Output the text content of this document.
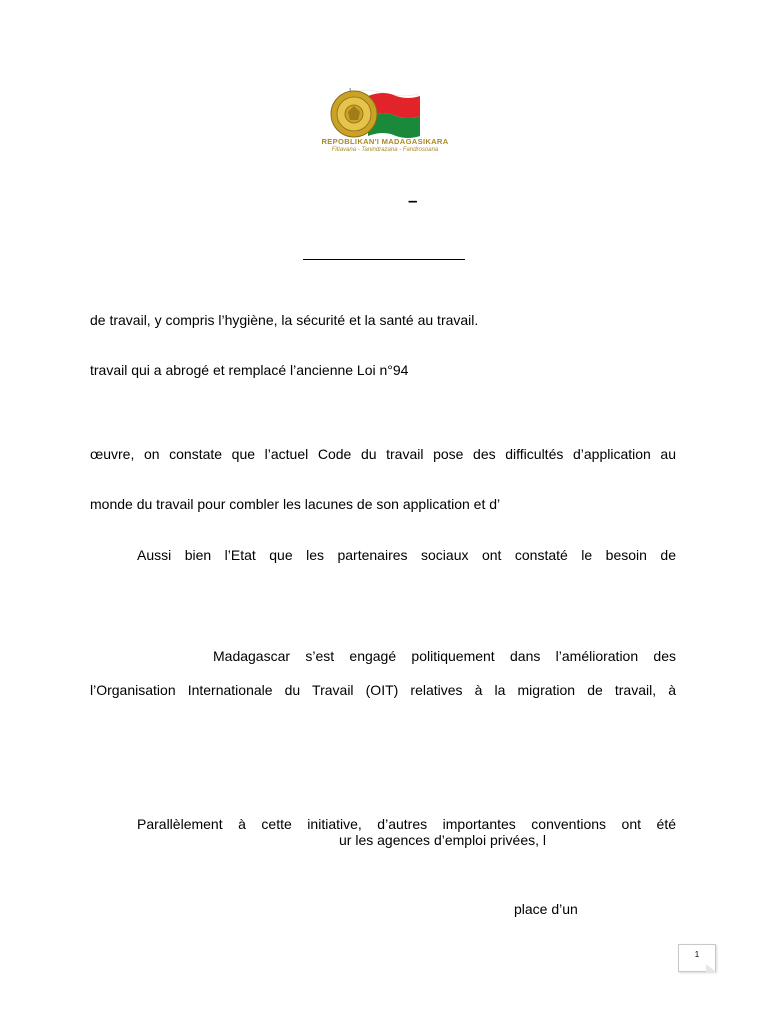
REPOBLIKAN'I MADAGASIKARA
Fitiavana - Tanindrazana - Fandrosoana
–
de travail, y compris l’hygiène, la sécurité et la santé au travail.
travail qui a abrogé et remplacé l’ancienne Loi n°94
œuvre, on constate que l’actuel Code du travail pose des difficultés d’application au
monde du travail pour combler les lacunes de son application et d’
Aussi bien l’Etat que les partenaires sociaux ont constaté le besoin de
Madagascar s’est engagé politiquement dans l’amélioration des
l’Organisation Internationale du Travail (OIT) relatives à la migration de travail, à
Parallèlement à cette initiative, d’autres importantes conventions ont été
ur les agences d’emploi privées, l
place d’un
1
